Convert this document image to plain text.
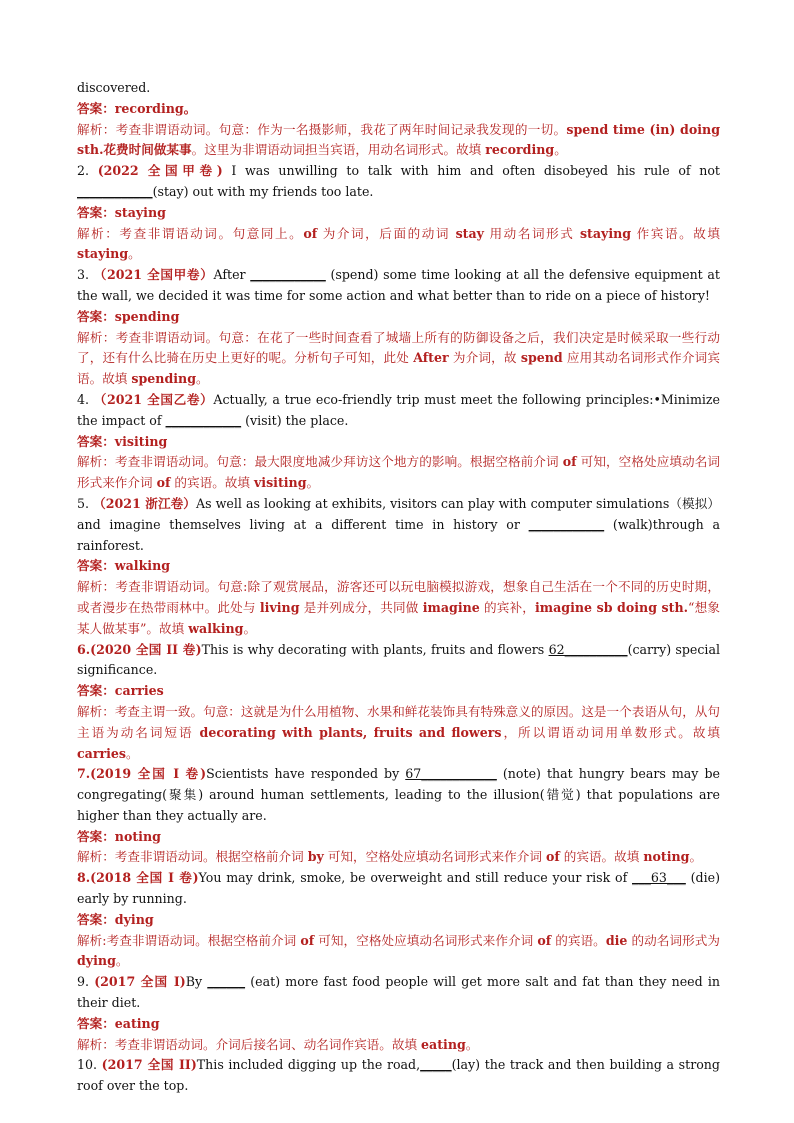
discovered.

答案：recording。

解析：考查非谓语动词。句意：作为一名摄影师，我花了两年时间记录我发现的一切。spend time (in) doing sth.花费时间做某事。这里为非谓语动词担当宾语，用动名词形式。故填 recording。

2. (2022 全国甲卷) I was unwilling to talk with him and often disobeyed his rule of not ____________(stay) out with my friends too late.

答案：staying

解析：考查非谓语动词。句意同上。of 为介词，后面的动词 stay 用动名词形式 staying 作宾语。故填 staying。

3. （2021 全国甲卷）After ____________ (spend) some time looking at all the defensive equipment at the wall, we decided it was time for some action and what better than to ride on a piece of history!

答案：spending

解析：考查非谓语动词。句意：在花了一些时间查看了城墙上所有的防御设备之后，我们决定是时候采取一些行动了，还有什么比骑在历史上更好的呢。分析句子可知，此处 After 为介词，故 spend 应用其动名词形式作介词宾语。故填 spending。

4. （2021 全国乙卷）Actually, a true eco-friendly trip must meet the following principles:•Minimize the impact of ____________ (visit) the place.

答案：visiting

解析：考查非谓语动词。句意：最大限度地减少拜访这个地方的影响。根据空格前介词 of 可知，空格处应填动名词形式来作介词 of 的宾语。故填 visiting。

5. （2021 浙江卷）As well as looking at exhibits, visitors can play with computer simulations（模拟）and imagine themselves living at a different time in history or ____________ (walk)through a rainforest.

答案：walking

解析：考查非谓语动词。句意:除了观赏展品，游客还可以玩电脑模拟游戏，想象自己生活在一个不同的历史时期，或者漫步在热带雨林中。此处与 living 是并列成分，共同做 imagine 的宾补，imagine sb doing sth.“想象某人做某事”。故填 walking。

6.(2020 全国 II 卷)This is why decorating with plants, fruits and flowers 62__________(carry) special significance.

答案：carries

解析：考查主谓一致。句意：这就是为什么用植物、水果和鲜花装饰具有特殊意义的原因。这是一个表语从句，从句主语为动名词短语 decorating with plants, fruits and flowers，所以谓语动词用单数形式。故填 carries。

7.(2019 全国 I 卷)Scientists have responded by 67____________ (note) that hungry bears may be congregating(聚集) around human settlements, leading to the illusion(错觉) that populations are higher than they actually are.

答案：noting

解析：考查非谓语动词。根据空格前介词 by 可知，空格处应填动名词形式来作介词 of 的宾语。故填 noting。

8.(2018 全国 I 卷)You may drink, smoke, be overweight and still reduce your risk of ___63___ (die) early by running.

答案：dying

解析:考查非谓语动词。根据空格前介词 of 可知，空格处应填动名词形式来作介词 of 的宾语。die 的动名词形式为 dying。

9. (2017 全国 I)By ______ (eat) more fast food people will get more salt and fat than they need in their diet.

答案：eating

解析：考查非谓语动词。介词后接名词、动名词作宾语。故填 eating。

10. (2017 全国 II)This included digging up the road,_____(lay) the track and then building a strong roof over the top.
